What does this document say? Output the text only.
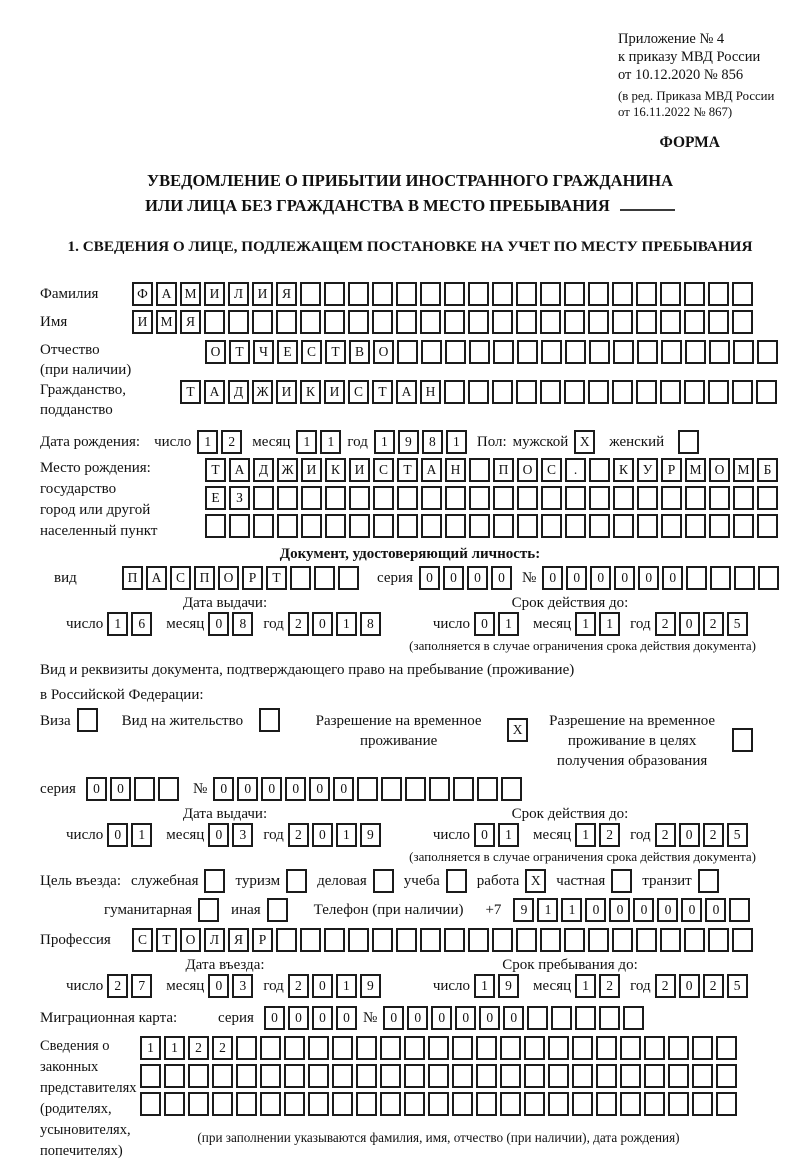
Приложение № 4
к приказу МВД России
от 10.12.2020 № 856
(в ред. Приказа МВД России
от 16.11.2022 № 867)
ФОРМА
УВЕДОМЛЕНИЕ О ПРИБЫТИИ ИНОСТРАННОГО ГРАЖДАНИНА
ИЛИ ЛИЦА БЕЗ ГРАЖДАНСТВА В МЕСТО ПРЕБЫВАНИЯ
1. СВЕДЕНИЯ О ЛИЦЕ, ПОДЛЕЖАЩЕМ ПОСТАНОВКЕ НА УЧЕТ ПО МЕСТУ ПРЕБЫВАНИЯ
Фамилия	Ф	А М И	Л	И	Я
Имя	И М Я
Отчество
(при наличии)
О	Т	Ч	Е	С	Т	В	О
Гражданство,
подданство
Т	А	Д Ж И	К	И	С	Т	А	Н
Дата рождения: число 1	2	месяц 1	1 год 1	9	8	1	Пол: мужской X	женский
Место рождения:
государство
город или другой
населенный пункт
Т	А	Д Ж И	К	И	С	Т	А	Н	П	О	С	.	К	У	Р	М О М	Б
Е	З
Документ, удостоверяющий личность:
вид	П	А	С	П	О	Р	Т	серия 0	0	0	0	№ 0	0	0	0	0	0
Дата выдачи:	Срок действия до:
число 1	6	месяц 0	8	год 2	0	1	8	число 0	1	месяц 1	1	год 2	0	2	5
(заполняется в случае ограничения срока действия документа)
Вид и реквизиты документа, подтверждающего право на пребывание (проживание)
в Российской Федерации:
Виза	Вид на жительство	Разрешение на временное проживание
X	Разрешение на временное проживание в целях получения образования
серия	0	0	№ 0	0	0	0	0	0
Дата выдачи:	Срок действия до:
число 0	1	месяц 0	3	год 2	0	1	9	число 0	1	месяц 1	2	год 2	0	2	5
(заполняется в случае ограничения срока действия документа)
Цель въезда: служебная туризм деловая учеба работа X	частная транзит
гуманитарная	иная	Телефон (при наличии) +7	9	1	1	0	0	0	0	0	0
Профессия	С	Т	О	Л	Я	Р
Дата въезда:	Срок пребывания до:
число 2	7	месяц 0	3	год 2	0	1	9	число 1	9	месяц 1	2	год 2	0	2	5
Миграционная карта:	серия	0	0	0	0 № 0	0	0	0	0	0
Сведения о
законных
представителях
(родителях,
усыновителях,
попечителях)
1	1	2	2
(при заполнении указываются фамилия, имя, отчество (при наличии), дата рождения)
